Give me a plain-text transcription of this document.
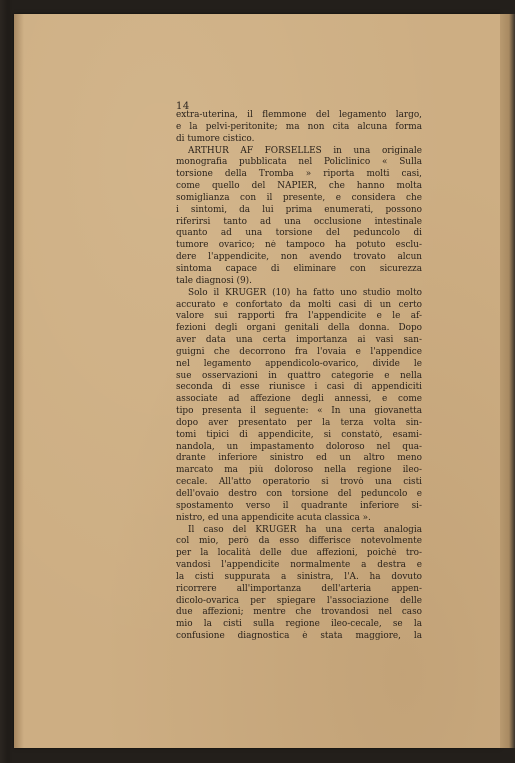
14
extra-uterina, il flemmone del legamento largo,
e la pelvi-peritonite; ma non cita alcuna forma
di tumore cistico.
ARTHUR AF FORSELLES in una originale
monografia pubblicata nel Policlinico « Sulla
torsione della Tromba » riporta molti casi,
come quello del NAPIER, che hanno molta
somiglianza con il presente, e considera che
i sintomi, da lui prima enumerati, possono
riferirsi tanto ad una occlusione intestinale
quanto ad una torsione del peduncolo di
tumore ovarico; nè tampoco ha potuto esclu-
dere l'appendicite, non avendo trovato alcun
sintoma capace di eliminare con sicurezza
tale diagnosi (9).
Solo il KRÜGER (10) ha fatto uno studio molto
accurato e confortato da molti casi di un certo
valore sui rapporti fra l'appendicite e le af-
fezioni degli organi genitali della donna. Dopo
aver data una certa importanza ai vasi san-
guigni che decorrono fra l'ovaia e l'appendice
nel legamento appendicolo-ovarico, divide le
sue osservazioni in quattro categorie e nella
seconda di esse riunisce i casi di appendiciti
associate ad affezione degli annessi, e come
tipo presenta il seguente: « In una giovanetta
dopo aver presentato per la terza volta sin-
tomi tipici di appendicite, si constatò, esami-
nandola, un impastamento doloroso nel qua-
drante inferiore sinistro ed un altro meno
marcato ma più doloroso nella regione ileo-
cecale. All'atto operatorio si trovò una cisti
dell'ovaio destro con torsione del peduncolo e
spostamento verso il quadrante inferiore si-
nistro, ed una appendicite acuta classica ».
Il caso del KRÜGER ha una certa analogia
col mio, però da esso differisce notevolmente
per la località delle due affezioni, poichè tro-
vandosi l'appendicite normalmente a destra e
la cisti suppurata a sinistra, l'A. ha dovuto
ricorrere all'importanza dell'arteria appen-
dicolo-ovarica per spiegare l'associazione delle
due affezioni; mentre che trovandosi nel caso
mio la cisti sulla regione ileo-cecale, se la
confusione diagnostica è stata maggiore, la
